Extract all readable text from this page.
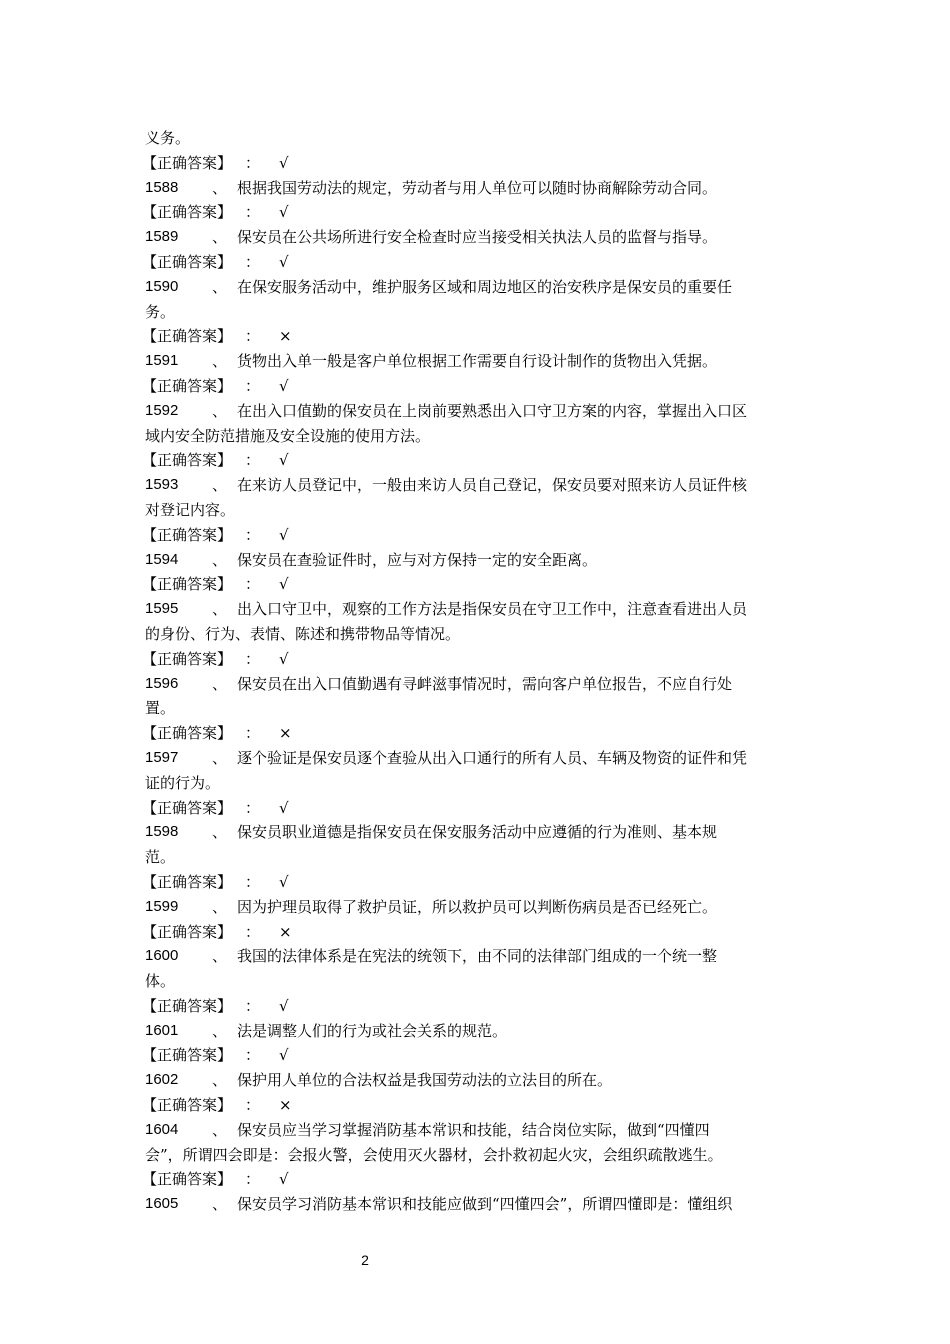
义务。
【正确答案】 ： √
1588 、 根据我国劳动法的规定，劳动者与用人单位可以随时协商解除劳动合同。
【正确答案】 ： √
1589 、 保安员在公共场所进行安全检查时应当接受相关执法人员的监督与指导。
【正确答案】 ： √
1590 、 在保安服务活动中，维护服务区域和周边地区的治安秩序是保安员的重要任
务。
【正确答案】 ： ×
1591 、 货物出入单一般是客户单位根据工作需要自行设计制作的货物出入凭据。
【正确答案】 ： √
1592 、 在出入口值勤的保安员在上岗前要熟悉出入口守卫方案的内容，掌握出入口区
域内安全防范措施及安全设施的使用方法。
【正确答案】 ： √
1593 、 在来访人员登记中，一般由来访人员自己登记，保安员要对照来访人员证件核
对登记内容。
【正确答案】 ： √
1594 、 保安员在查验证件时，应与对方保持一定的安全距离。
【正确答案】 ： √
1595 、 出入口守卫中，观察的工作方法是指保安员在守卫工作中，注意查看进出人员
的身份、行为、表情、陈述和携带物品等情况。
【正确答案】 ： √
1596 、 保安员在出入口值勤遇有寻衅滋事情况时，需向客户单位报告，不应自行处
置。
【正确答案】 ： ×
1597 、 逐个验证是保安员逐个查验从出入口通行的所有人员、车辆及物资的证件和凭
证的行为。
【正确答案】 ： √
1598 、 保安员职业道德是指保安员在保安服务活动中应遵循的行为准则、基本规
范。
【正确答案】 ： √
1599 、 因为护理员取得了救护员证，所以救护员可以判断伤病员是否已经死亡。
【正确答案】 ： ×
1600 、 我国的法律体系是在宪法的统领下，由不同的法律部门组成的一个统一整
体。
【正确答案】 ： √
1601 、 法是调整人们的行为或社会关系的规范。
【正确答案】 ： √
1602 、 保护用人单位的合法权益是我国劳动法的立法目的所在。
【正确答案】 ： ×
1604 、 保安员应当学习掌握消防基本常识和技能，结合岗位实际，做到“四懂四
会”，所谓四会即是：会报火警，会使用灭火器材，会扑救初起火灾，会组织疏散逃生。
【正确答案】 ： √
1605 、 保安员学习消防基本常识和技能应做到“四懂四会”，所谓四懂即是：懂组织
2
